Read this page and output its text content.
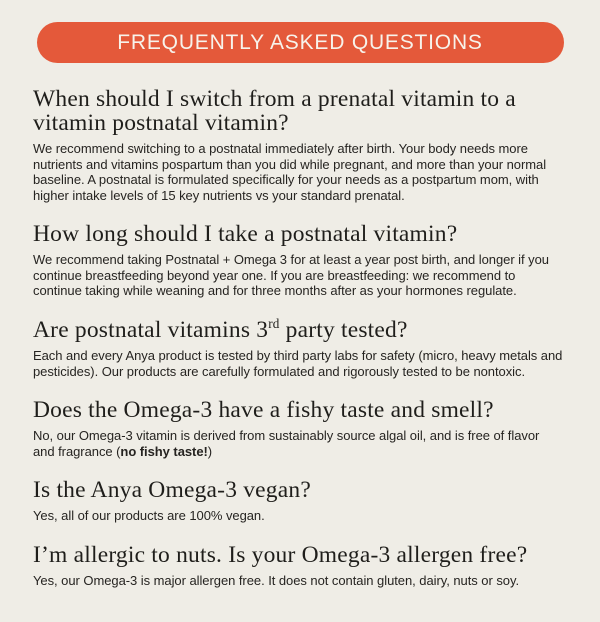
FREQUENTLY ASKED QUESTIONS
When should I switch from a prenatal vitamin to a vitamin postnatal vitamin?

We recommend switching to a postnatal immediately after birth. Your body needs more nutrients and vitamins pospartum than you did while pregnant, and more than your normal baseline. A postnatal is formulated specifically for your needs as a postpartum mom, with higher intake levels of 15 key nutrients vs your standard prenatal.

How long should I take a postnatal vitamin?

We recommend taking Postnatal + Omega 3 for at least a year post birth, and longer if you continue breastfeeding beyond year one. If you are breastfeeding: we recommend to continue taking while weaning and for three months after as your hormones regulate.

Are postnatal vitamins 3rd party tested?

Each and every Anya product is tested by third party labs for safety (micro, heavy metals and pesticides). Our products are carefully formulated and rigorously tested to be nontoxic.

Does the Omega-3 have a fishy taste and smell?

No, our Omega-3 vitamin is derived from sustainably source algal oil, and is free of flavor and fragrance (no fishy taste!)

Is the Anya Omega-3 vegan?

Yes, all of our products are 100% vegan.

I’m allergic to nuts. Is your Omega-3 allergen free?

Yes, our Omega-3 is major allergen free. It does not contain gluten, dairy, nuts or soy.
